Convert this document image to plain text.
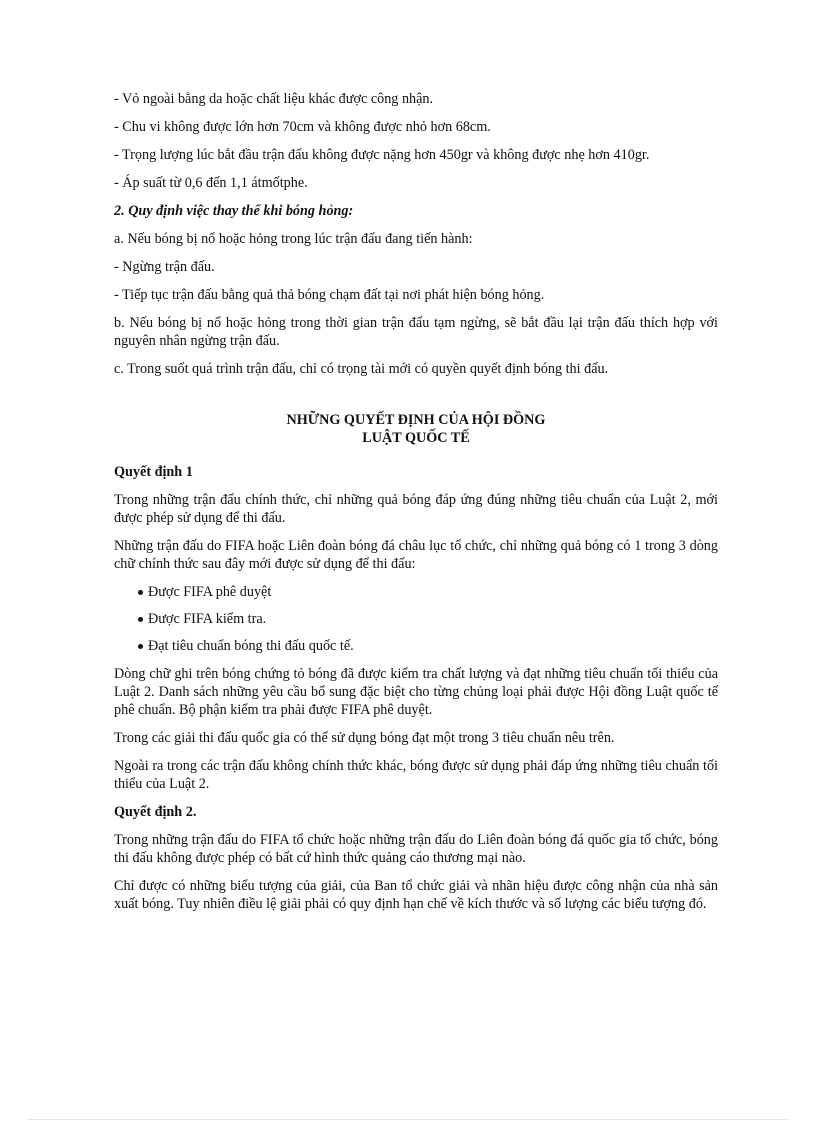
- Vỏ ngoài bằng da hoặc chất liệu khác được công nhận.

- Chu vi không được lớn hơn 70cm và không được nhỏ hơn 68cm.

- Trọng lượng lúc bắt đầu trận đấu không được nặng hơn 450gr và không được nhẹ hơn 410gr.

- Áp suất từ 0,6 đến 1,1 átmốtphe.

2. Quy định việc thay thế khi bóng hỏng:

a. Nếu bóng bị nổ hoặc hỏng trong lúc trận đấu đang tiến hành:

- Ngừng trận đấu.

- Tiếp tục trận đấu bằng quả thả bóng chạm đất tại nơi phát hiện bóng hỏng.

b. Nếu bóng bị nổ hoặc hỏng trong thời gian trận đấu tạm ngừng, sẽ bắt đầu lại trận đấu thích hợp với nguyên nhân ngừng trận đấu.

c. Trong suốt quá trình trận đấu, chỉ có trọng tài mới có quyền quyết định bóng thi đấu.

NHỮNG QUYẾT ĐỊNH CỦA HỘI ĐỒNG
LUẬT QUỐC TẾ

Quyết định 1

Trong những trận đấu chính thức, chỉ những quả bóng đáp ứng đúng những tiêu chuẩn của Luật 2, mới được phép sử dụng để thi đấu.

Những trận đấu do FIFA hoặc Liên đoàn bóng đá châu lục tổ chức, chỉ những quả bóng có 1 trong 3 dòng chữ chính thức sau đây mới được sử dụng để thi đấu:

Được FIFA phê duyệt
Được FIFA kiểm tra.
Đạt tiêu chuẩn bóng thi đấu quốc tế.

Dòng chữ ghi trên bóng chứng tỏ bóng đã được kiểm tra chất lượng và đạt những tiêu chuẩn tối thiểu của Luật 2. Danh sách những yêu cầu bổ sung đặc biệt cho từng chủng loại phải được Hội đồng Luật quốc tế phê chuẩn. Bộ phận kiểm tra phải được FIFA phê duyệt.

Trong các giải thi đấu quốc gia có thể sử dụng bóng đạt một trong 3 tiêu chuẩn nêu trên.

Ngoài ra trong các trận đấu không chính thức khác, bóng được sử dụng phải đáp ứng những tiêu chuẩn tối thiểu của Luật 2.

Quyết định 2.

Trong những trận đấu do FIFA tổ chức hoặc những trận đấu do Liên đoàn bóng đá quốc gia tổ chức, bóng thi đấu không được phép có bất cứ hình thức quảng cáo thương mại nào.

Chỉ được có những biểu tượng của giải, của Ban tổ chức giải và nhãn hiệu được công nhận của nhà sản xuất bóng. Tuy nhiên điều lệ giải phải có quy định hạn chế về kích thước và số lượng các biểu tượng đó.
